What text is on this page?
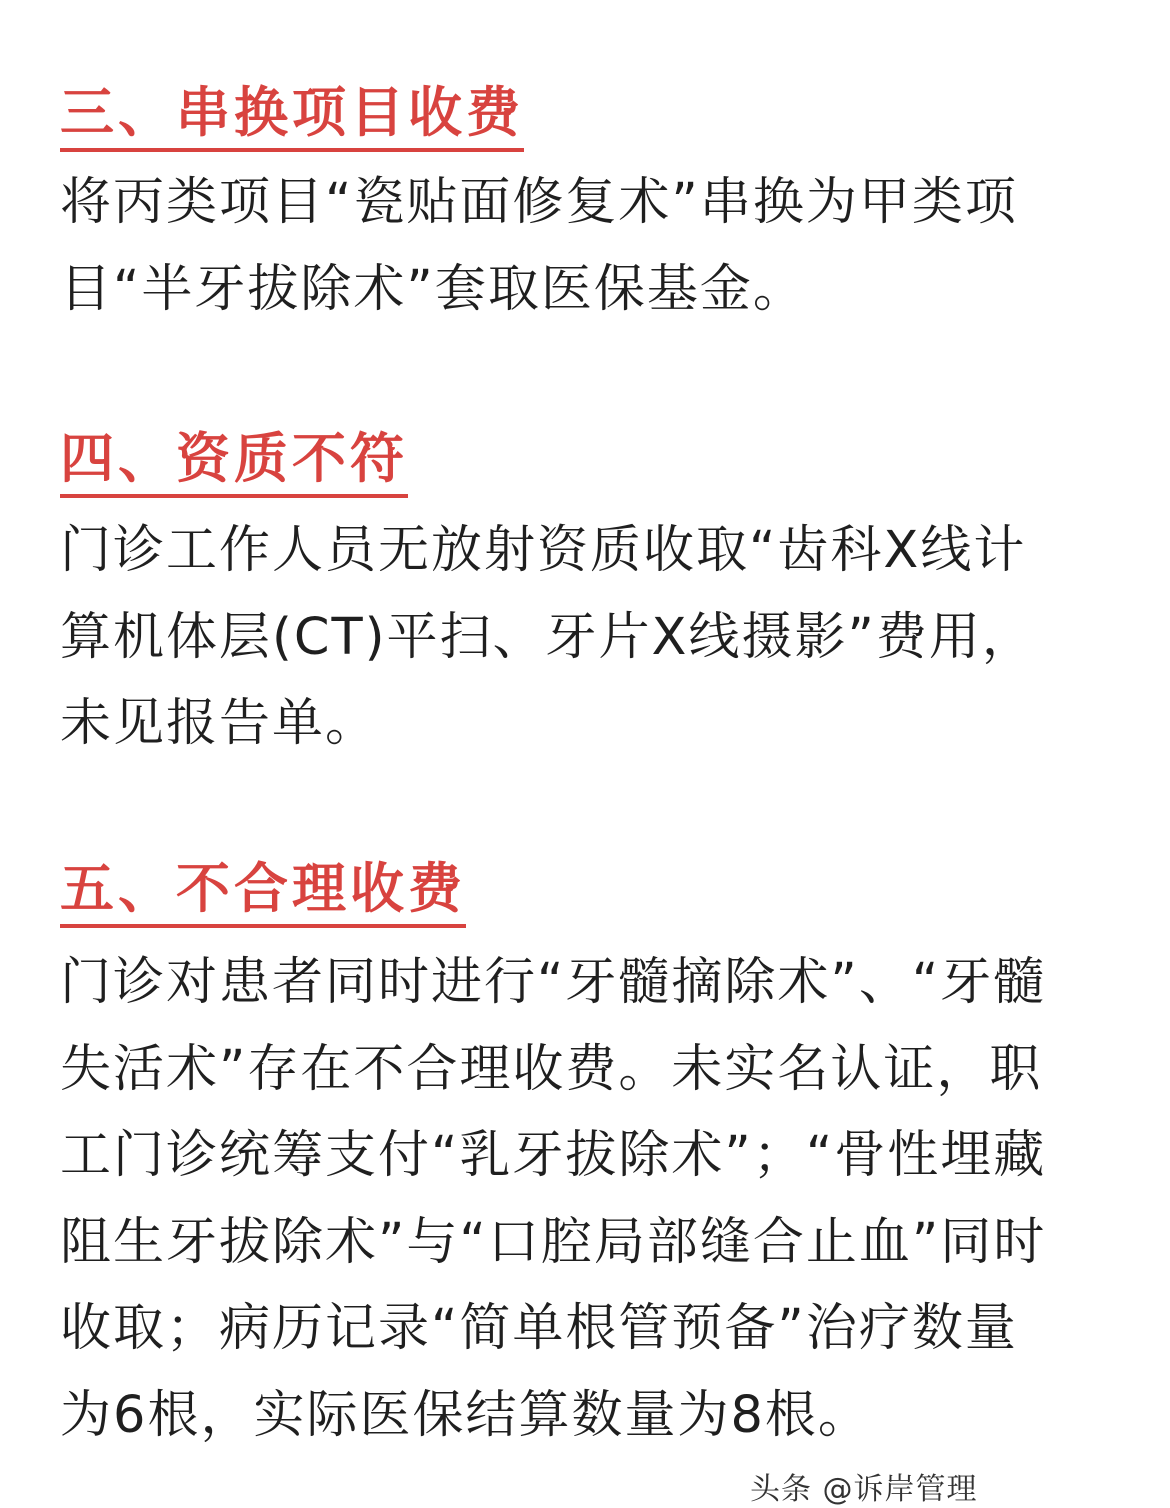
三、串换项目收费
将丙类项目“瓷贴面修复术”串换为甲类项
目“半牙拔除术”套取医保基金。
四、资质不符
门诊工作人员无放射资质收取“齿科X线计
算机体层(CT)平扫、牙片X线摄影”费用，
未见报告单。
五、不合理收费
门诊对患者同时进行“牙髓摘除术”、“牙髓
失活术”存在不合理收费。未实名认证，职
工门诊统筹支付“乳牙拔除术”；“骨性埋藏
阻生牙拔除术”与“口腔局部缝合止血”同时
收取；病历记录“简单根管预备”治疗数量
为6根，实际医保结算数量为8根。
头条 @诉岸管理
